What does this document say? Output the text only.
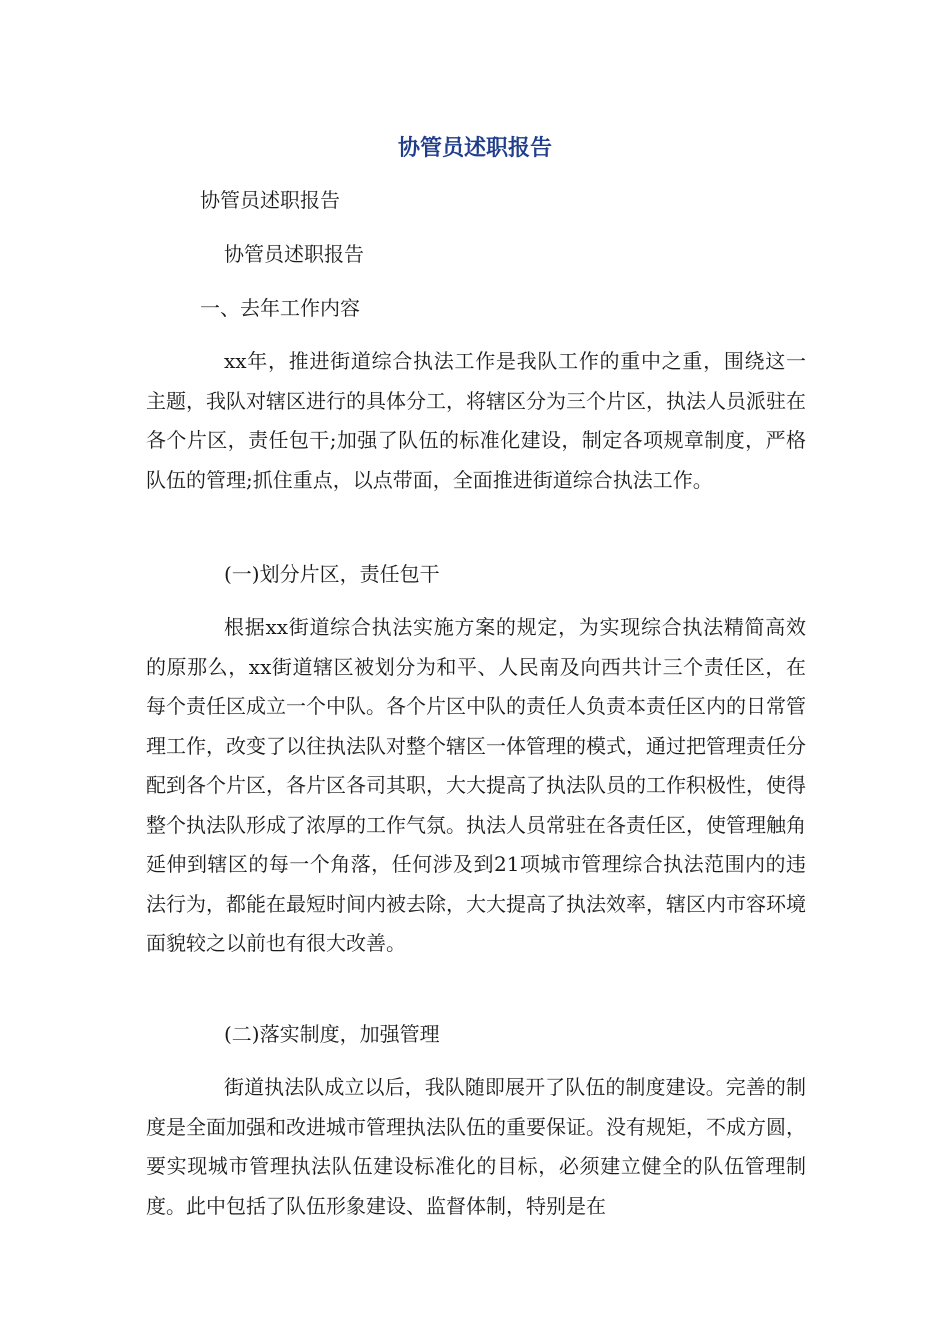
协管员述职报告

协管员述职报告

协管员述职报告

一、去年工作内容

xx年，推进街道综合执法工作是我队工作的重中之重，围绕这一主题，我队对辖区进行的具体分工，将辖区分为三个片区，执法人员派驻在各个片区，责任包干;加强了队伍的标准化建设，制定各项规章制度，严格队伍的管理;抓住重点，以点带面，全面推进街道综合执法工作。

(一)划分片区，责任包干

根据xx街道综合执法实施方案的规定，为实现综合执法精简高效的原那么，xx街道辖区被划分为和平、人民南及向西共计三个责任区，在每个责任区成立一个中队。各个片区中队的责任人负责本责任区内的日常管理工作，改变了以往执法队对整个辖区一体管理的模式，通过把管理责任分配到各个片区，各片区各司其职，大大提高了执法队员的工作积极性，使得整个执法队形成了浓厚的工作气氛。执法人员常驻在各责任区，使管理触角延伸到辖区的每一个角落，任何涉及到21项城市管理综合执法范围内的违法行为，都能在最短时间内被去除，大大提高了执法效率，辖区内市容环境面貌较之以前也有很大改善。

(二)落实制度，加强管理

街道执法队成立以后，我队随即展开了队伍的制度建设。完善的制度是全面加强和改进城市管理执法队伍的重要保证。没有规矩，不成方圆，要实现城市管理执法队伍建设标准化的目标，必须建立健全的队伍管理制度。此中包括了队伍形象建设、监督体制，特别是在
